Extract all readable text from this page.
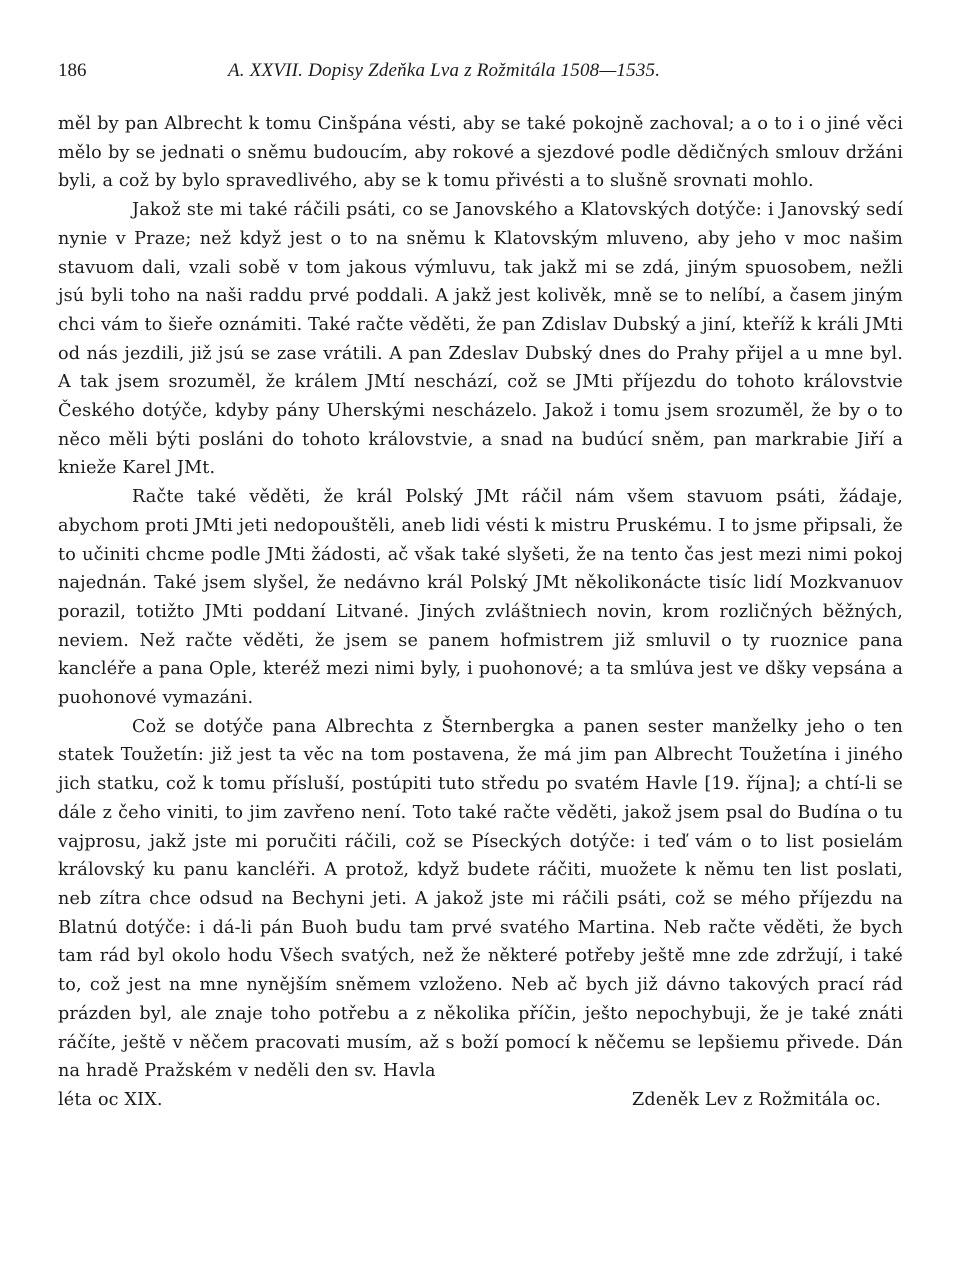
186	A. XXVII. Dopisy Zdeňka Lva z Rožmitála 1508—1535.

měl by pan Albrecht k tomu Cinšpána vésti, aby se také pokojně zachoval; a o to i o jiné věci mělo by se jednati o sněmu budoucím, aby rokové a sjezdové podle dědičných smlouv držáni byli, a což by bylo spravedlivého, aby se k tomu přivésti a to slušně srovnati mohlo.

Jakož ste mi také ráčili psáti, co se Janovského a Klatovských dotýče: i Janovský sedí nynie v Praze; než když jest o to na sněmu k Klatovským mluveno, aby jeho v moc našim stavuom dali, vzali sobě v tom jakous výmluvu, tak jakž mi se zdá, jiným spuosobem, nežli jsú byli toho na naši raddu prvé poddali. A jakž jest kolivěk, mně se to nelíbí, a časem jiným chci vám to šieře oznámiti. Také račte věděti, že pan Zdislav Dubský a jiní, kteříž k králi JMti od nás jezdili, již jsú se zase vrátili. A pan Zdeslav Dubský dnes do Prahy přijel a u mne byl. A tak jsem srozuměl, že králem JMtí neschází, což se JMti příjezdu do tohoto královstvie Českého dotýče, kdyby pány Uherskými nescházelo. Jakož i tomu jsem srozuměl, že by o to něco měli býti posláni do tohoto královstvie, a snad na budúcí sněm, pan markrabie Jiří a knieže Karel JMt.

Račte také věděti, že král Polský JMt ráčil nám všem stavuom psáti, žádaje, abychom proti JMti jeti nedopouštěli, aneb lidi vésti k mistru Pruskému. I to jsme připsali, že to učiniti chcme podle JMti žádosti, ač však také slyšeti, že na tento čas jest mezi nimi pokoj najednán. Také jsem slyšel, že nedávno král Polský JMt několikonácte tisíc lidí Mozkvanuov porazil, totižto JMti poddaní Litvané. Jiných zvláštniech novin, krom rozličných běžných, neviem. Než račte věděti, že jsem se panem hofmistrem již smluvil o ty ruoznice pana kancléře a pana Ople, kteréž mezi nimi byly, i puohonové; a ta smlúva jest ve dšky vepsána a puohonové vymazáni.

Což se dotýče pana Albrechta z Šternbergka a panen sester manželky jeho o ten statek Toužetín: již jest ta věc na tom postavena, že má jim pan Albrecht Toužetína i jiného jich statku, což k tomu přísluší, postúpiti tuto středu po svatém Havle [19. října]; a chtí-li se dále z čeho viniti, to jim zavřeno není. Toto také račte věděti, jakož jsem psal do Budína o tu vajprosu, jakž jste mi poručiti ráčili, což se Píseckých dotýče: i teď vám o to list posielám královský ku panu kancléři. A protož, když budete ráčiti, muožete k němu ten list poslati, neb zítra chce odsud na Bechyni jeti. A jakož jste mi ráčili psáti, což se mého příjezdu na Blatnú dotýče: i dá-li pán Buoh budu tam prvé svatého Martina. Neb račte věděti, že bych tam rád byl okolo hodu Všech svatých, než že některé potřeby ještě mne zde zdržují, i také to, což jest na mne nynějším sněmem vzloženo. Neb ač bych již dávno takových prací rád prázden byl, ale znaje toho potřebu a z několika příčin, ješto nepochybuji, že je také znáti ráčíte, ještě v něčem pracovati musím, až s boží pomocí k něčemu se lepšiemu přivede. Dán na hradě Pražském v neděli den sv. Havla

léta oc XIX.	Zdeněk Lev z Rožmitála oc.
